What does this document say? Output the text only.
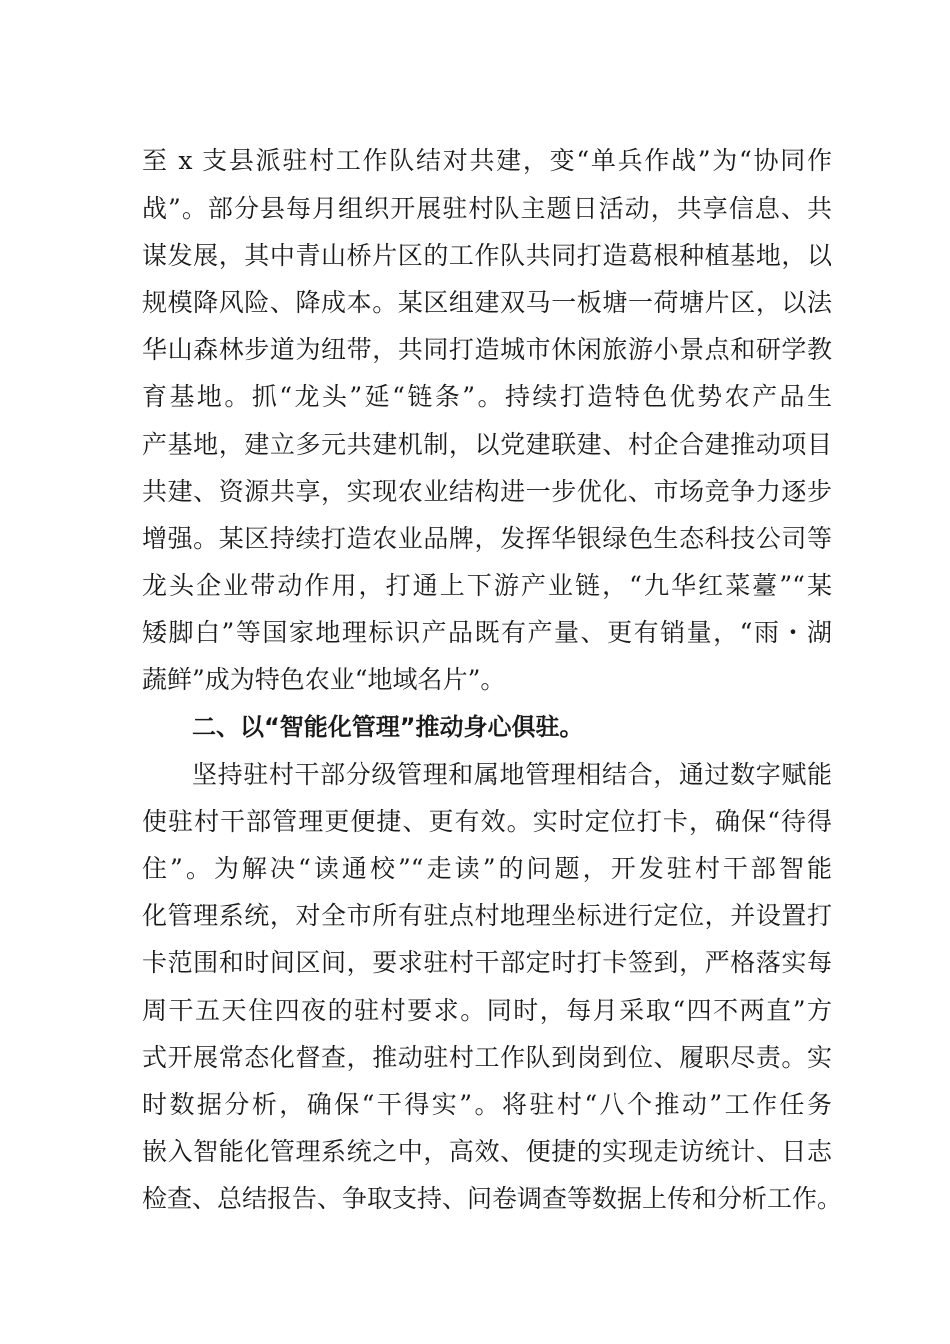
至 x 支县派驻村工作队结对共建，变“单兵作战”为“协同作
战”。部分县每月组织开展驻村队主题日活动，共享信息、共
谋发展，其中青山桥片区的工作队共同打造葛根种植基地，以
规模降风险、降成本。某区组建双马一板塘一荷塘片区，以法
华山森林步道为纽带，共同打造城市休闲旅游小景点和研学教
育基地。抓“龙头”延“链条”。持续打造特色优势农产品生
产基地，建立多元共建机制，以党建联建、村企合建推动项目
共建、资源共享，实现农业结构进一步优化、市场竞争力逐步
增强。某区持续打造农业品牌，发挥华银绿色生态科技公司等
龙头企业带动作用，打通上下游产业链，“九华红菜薹”“某
矮脚白”等国家地理标识产品既有产量、更有销量，“雨・湖
蔬鲜”成为特色农业“地域名片”。
二、以“智能化管理”推动身心俱驻。
坚持驻村干部分级管理和属地管理相结合，通过数字赋能
使驻村干部管理更便捷、更有效。实时定位打卡，确保“待得
住”。为解决“读通校”“走读”的问题，开发驻村干部智能
化管理系统，对全市所有驻点村地理坐标进行定位，并设置打
卡范围和时间区间，要求驻村干部定时打卡签到，严格落实每
周干五天住四夜的驻村要求。同时，每月采取“四不两直”方
式开展常态化督查，推动驻村工作队到岗到位、履职尽责。实
时数据分析，确保“干得实”。将驻村“八个推动”工作任务
嵌入智能化管理系统之中，高效、便捷的实现走访统计、日志
检查、总结报告、争取支持、问卷调查等数据上传和分析工作。
